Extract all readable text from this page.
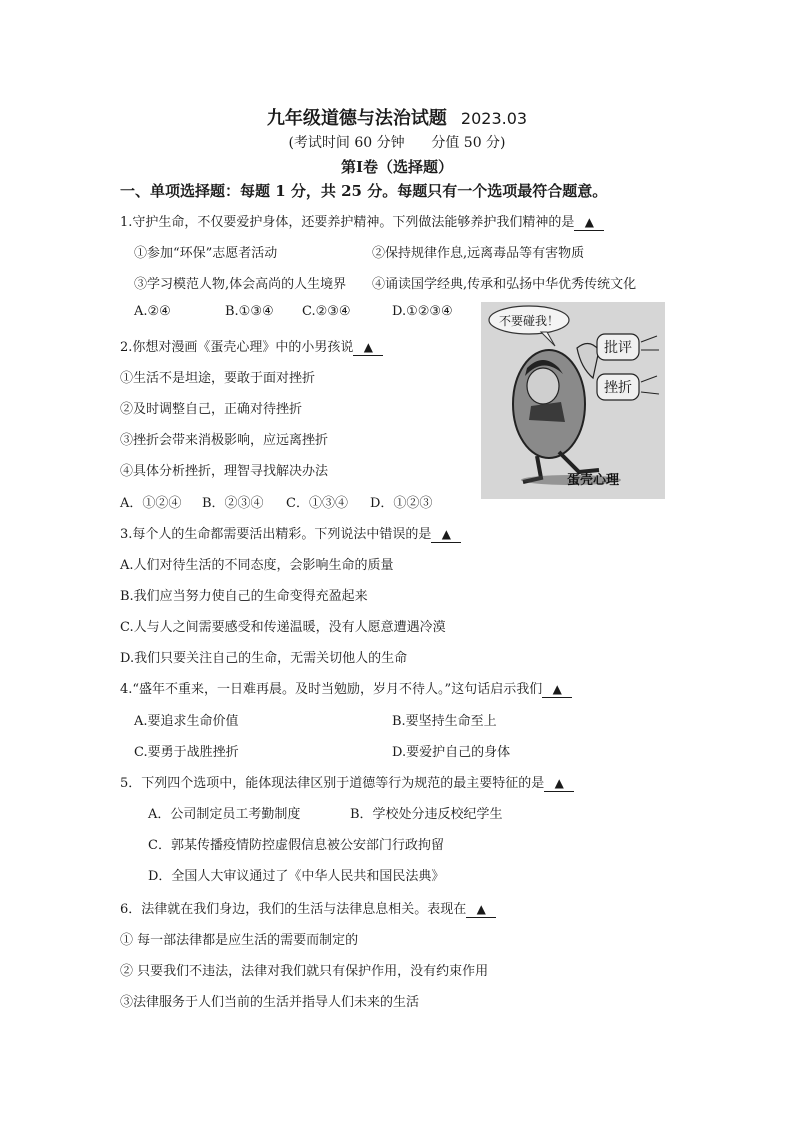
九年级道德与法治试题 2023.03
(考试时间 60 分钟      分值 50 分)
第Ⅰ卷（选择题）
一、单项选择题：每题 1 分，共 25 分。每题只有一个选项最符合题意。
1.守护生命，不仅要爱护身体，还要养护精神。下列做法能够养护我们精神的是 ▲
①参加“环保”志愿者活动	②保持规律作息,远离毒品等有害物质
③学习模范人物,体会高尚的人生境界 ④诵读国学经典,传承和弘扬中华优秀传统文化
A.②④	B.①③④ C.②③④	D.①②③④
2.你想对漫画《蛋壳心理》中的小男孩说 ▲
①生活不是坦途，要敢于面对挫折
②及时调整自己，正确对待挫折
③挫折会带来消极影响，应远离挫折
④具体分析挫折，理智寻找解决办法
A．①②④ B．②③④ C．①③④ D．①②③
不要碰我！
批评
挫折
蛋壳心理
3.每个人的生命都需要活出精彩。下列说法中错误的是 ▲
A.人们对待生活的不同态度，会影响生命的质量
B.我们应当努力使自己的生命变得充盈起来
C.人与人之间需要感受和传递温暖，没有人愿意遭遇冷漠
D.我们只要关注自己的生命，无需关切他人的生命
4.“盛年不重来，一日难再晨。及时当勉励，岁月不待人。”这句话启示我们 ▲
A.要追求生命价值	B.要坚持生命至上
C.要勇于战胜挫折	D.要爱护自己的身体
5．下列四个选项中，能体现法律区别于道德等行为规范的最主要特征的是 ▲
A．公司制定员工考勤制度	B．学校处分违反校纪学生
C．郭某传播疫情防控虚假信息被公安部门行政拘留
D．全国人大审议通过了《中华人民共和国民法典》
6．法律就在我们身边，我们的生活与法律息息相关。表现在 ▲
① 每一部法律都是应生活的需要而制定的
② 只要我们不违法，法律对我们就只有保护作用，没有约束作用
③法律服务于人们当前的生活并指导人们未来的生活
